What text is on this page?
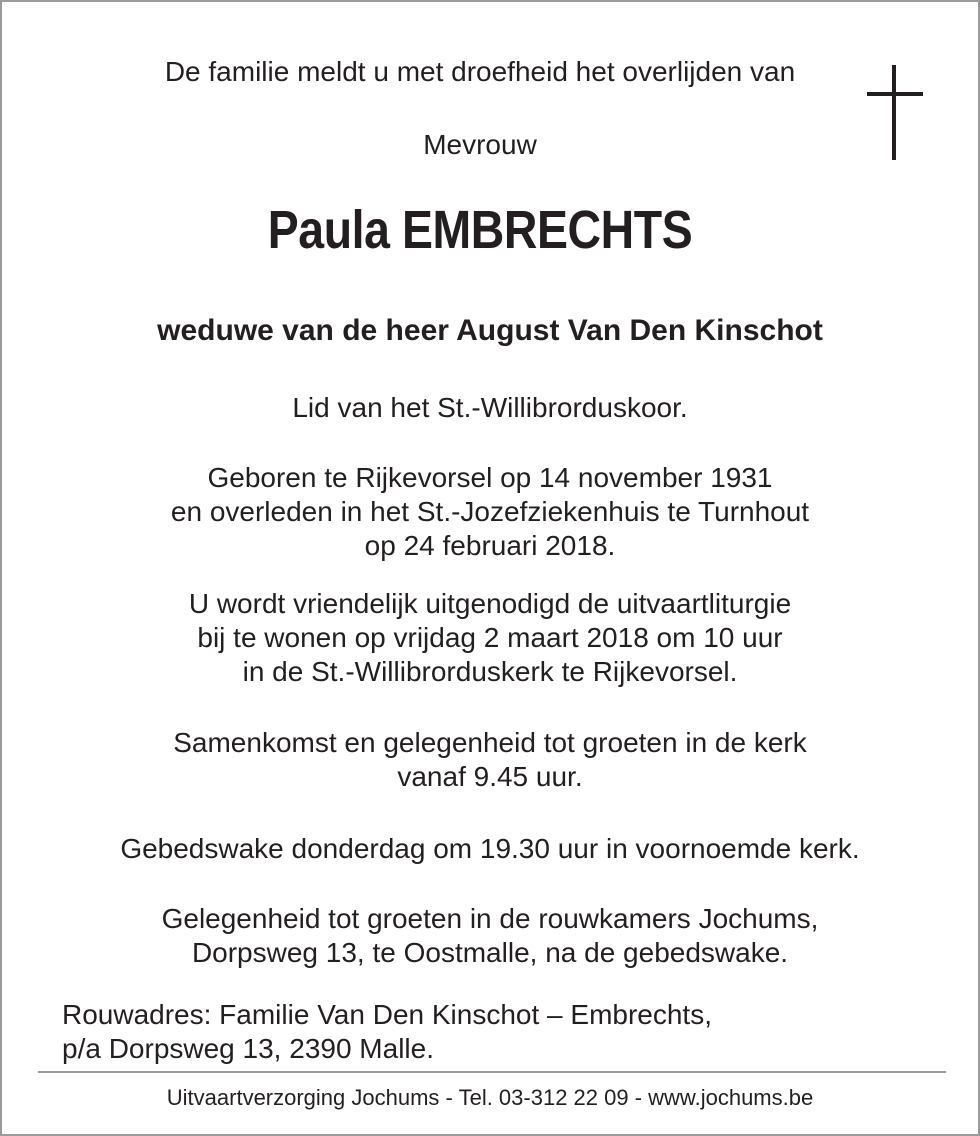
De familie meldt u met droefheid het overlijden van
Mevrouw
Paula EMBRECHTS
weduwe van de heer August Van Den Kinschot
Lid van het St.-Willibrorduskoor.
Geboren te Rijkevorsel op 14 november 1931
en overleden in het St.-Jozefziekenhuis te Turnhout
op 24 februari 2018.
U wordt vriendelijk uitgenodigd de uitvaartliturgie
bij te wonen op vrijdag 2 maart 2018 om 10 uur
in de St.-Willibrorduskerk te Rijkevorsel.
Samenkomst en gelegenheid tot groeten in de kerk
vanaf 9.45 uur.
Gebedswake donderdag om 19.30 uur in voornoemde kerk.
Gelegenheid tot groeten in de rouwkamers Jochums,
Dorpsweg 13, te Oostmalle, na de gebedswake.
Rouwadres: Familie Van Den Kinschot – Embrechts,
p/a Dorpsweg 13, 2390 Malle.
Uitvaartverzorging Jochums - Tel. 03-312 22 09 - www.jochums.be
